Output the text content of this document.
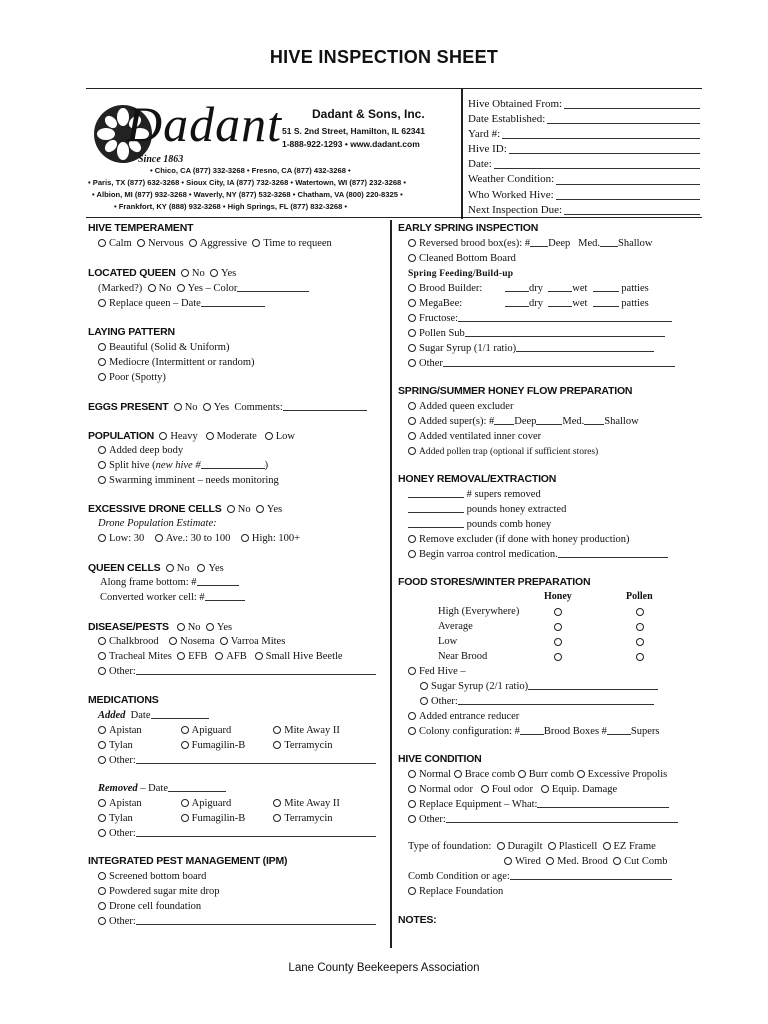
HIVE INSPECTION SHEET
Dadant
Since 1863
Dadant & Sons, Inc.
51 S. 2nd Street, Hamilton, IL 62341
1-888-922-1293 • www.dadant.com
• Chico, CA (877) 332-3268 • Fresno, CA (877) 432-3268 •
• Paris, TX (877) 632-3268 • Sioux City, IA (877) 732-3268 • Watertown, WI (877) 232-3268 •
• Albion, MI (877) 932-3268 • Waverly, NY (877) 532-3268 • Chatham, VA (800) 220-8325 •
• Frankfort, KY (888) 932-3268 • High Springs, FL (877) 832-3268 •
Hive Obtained From:
Date Established:
Yard #:
Hive ID:
Date:
Weather Condition:
Who Worked Hive:
Next Inspection Due:
HIVE TEMPERAMENT
Calm Nervous Aggressive Time to requeen
LOCATED QUEEN No Yes
(Marked?) No Yes – Color
Replace queen – Date
LAYING PATTERN
Beautiful (Solid & Uniform)
Mediocre (Intermittent or random)
Poor (Spotty)
EGGS PRESENT No Yes Comments:
POPULATION Heavy Moderate Low
Added deep body
Split hive (new hive #	)
Swarming imminent – needs monitoring
EXCESSIVE DRONE CELLS No Yes
Drone Population Estimate:
Low: 30 Ave.: 30 to 100 High: 100+
QUEEN CELLS No Yes
Along frame bottom: #
Converted worker cell: #
DISEASE/PESTS No Yes
Chalkbrood Nosema Varroa Mites
Tracheal Mites EFB AFB Small Hive Beetle
Other:
MEDICATIONS
Added Date
Apistan	Apiguard	Mite Away II
Tylan	Fumagilin-B	Terramycin
Other:
Removed – Date
Apistan	Apiguard	Mite Away II
Tylan	Fumagilin-B	Terramycin
Other:
INTEGRATED PEST MANAGEMENT (IPM)
Screened bottom board
Powdered sugar mite drop
Drone cell foundation
Other:
EARLY SPRING INSPECTION
Reversed brood box(es): # Deep Med. Shallow
Cleaned Bottom Board
Spring Feeding/Build-up
Brood Builder:	dry	wet	patties
MegaBee:	dry	wet	patties
Fructose:
Pollen Sub
Sugar Syrup (1/1 ratio)
Other
SPRING/SUMMER HONEY FLOW PREPARATION
Added queen excluder
Added super(s): # Deep Med. Shallow
Added ventilated inner cover
Added pollen trap (optional if sufficient stores)
HONEY REMOVAL/EXTRACTION
# supers removed
pounds honey extracted
pounds comb honey
Remove excluder (if done with honey production)
Begin varroa control medication.
FOOD STORES/WINTER PREPARATION
Honey	Pollen
High (Everywhere)
Average
Low
Near Brood
Fed Hive –
Sugar Syrup (2/1 ratio)
Other:
Added entrance reducer
Colony configuration: # Brood Boxes # Supers
HIVE CONDITION
Normal Brace comb Burr comb Excessive Propolis
Normal odor Foul odor Equip. Damage
Replace Equipment – What:
Other:
Type of foundation: Duragilt Plasticell EZ Frame
Wired Med. Brood Cut Comb
Comb Condition or age:
Replace Foundation
NOTES:
Lane County Beekeepers Association
